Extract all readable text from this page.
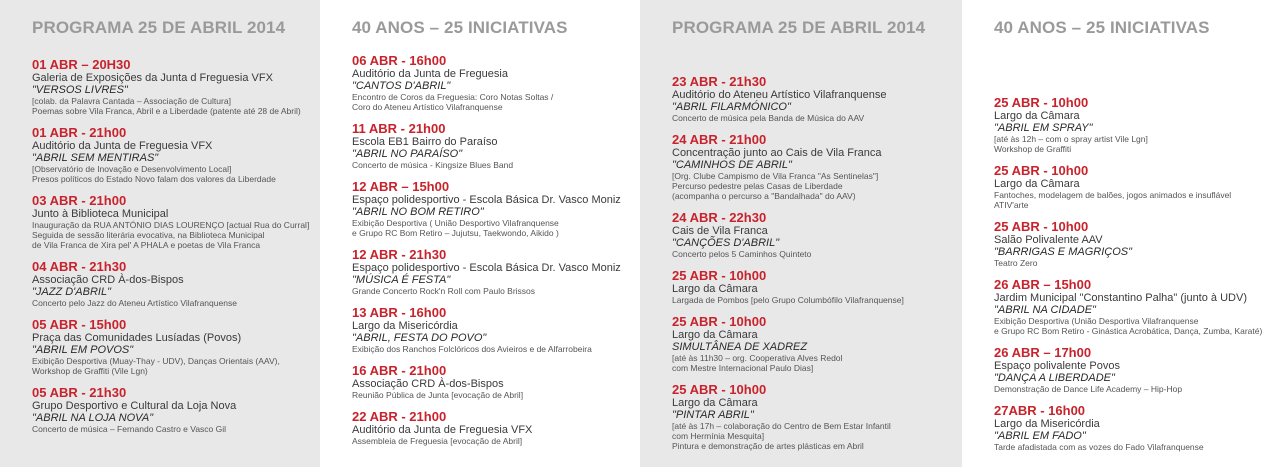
PROGRAMA 25 DE ABRIL 2014
01 ABR – 20H30
Galeria de Exposições da Junta d Freguesia VFX
"VERSOS LIVRES"
[colab. da Palavra Cantada – Associação de Cultura]
Poemas sobre Vila Franca, Abril e a Liberdade (patente até 28 de Abril)
01 ABR - 21h00
Auditório da Junta de Freguesia VFX
"ABRIL SEM MENTIRAS"
[Observatório de Inovação e Desenvolvimento Local]
Presos políticos do Estado Novo falam dos valores da Liberdade
03 ABR - 21h00
Junto à Biblioteca Municipal
Inauguração da RUA ANTÓNIO DIAS LOURENÇO [actual Rua do Curral]
Seguida de sessão literária evocativa, na Biblioteca Municipal
de Vila Franca de Xira pel' A PHALA e poetas de Vila Franca
04 ABR - 21h30
Associação CRD À-dos-Bispos
"JAZZ D'ABRIL"
Concerto pelo Jazz do Ateneu Artístico Vilafranquense
05 ABR - 15h00
Praça das Comunidades Lusíadas (Povos)
"ABRIL EM POVOS"
Exibição Desportiva (Muay-Thay - UDV), Danças Orientais (AAV),
Workshop de Graffiti (Vile Lgn)
05 ABR - 21h30
Grupo Desportivo e Cultural da Loja Nova
"ABRIL NA LOJA NOVA"
Concerto de música – Fernando Castro e Vasco Gil
40 ANOS – 25 INICIATIVAS
06 ABR - 16h00
Auditório da Junta de Freguesia
"CANTOS D'ABRIL"
Encontro de Coros da Freguesia: Coro Notas Soltas /
Coro do Ateneu Artístico Vilafranquense
11 ABR - 21h00
Escola EB1 Bairro do Paraíso
"ABRIL NO PARAÍSO"
Concerto de música - Kingsize Blues Band
12 ABR – 15h00
Espaço polidesportivo - Escola Básica Dr. Vasco Moniz
"ABRIL NO BOM RETIRO"
Exibição Desportiva ( União Desportivo Vilafranquense
e Grupo RC Bom Retiro – Jujutsu, Taekwondo, Aikido )
12 ABR - 21h30
Espaço polidesportivo - Escola Básica Dr. Vasco Moniz
"MÚSICA É FESTA"
Grande Concerto Rock'n Roll com Paulo Brissos
13 ABR - 16h00
Largo da Misericórdia
"ABRIL, FESTA DO POVO"
Exibição dos Ranchos Folclóricos dos Avieiros e de Alfarrobeira
16 ABR - 21h00
Associação CRD À-dos-Bispos
Reunião Pública de Junta [evocação de Abril]
22 ABR - 21h00
Auditório da Junta de Freguesia VFX
Assembleia de Freguesia [evocação de Abril]
PROGRAMA 25 DE ABRIL 2014
23 ABR - 21h30
Auditório do Ateneu Artístico Vilafranquense
"ABRIL FILARMÓNICO"
Concerto de música pela Banda de Música do AAV
24 ABR - 21h00
Concentração junto ao Cais de Vila Franca
"CAMINHOS DE ABRIL"
[Org. Clube Campismo de Vila Franca "As Sentinelas"]
Percurso pedestre pelas Casas de Liberdade
(acompanha o percurso a "Bandalhada" do AAV)
24 ABR - 22h30
Cais de Vila Franca
"CANÇÕES D'ABRIL"
Concerto pelos 5 Caminhos Quinteto
25 ABR - 10h00
Largo da Câmara
Largada de Pombos [pelo Grupo Columbófilo Vilafranquense]
25 ABR - 10h00
Largo da Câmara
SIMULTÂNEA DE XADREZ
[até às 11h30 – org. Cooperativa Alves Redol
com Mestre Internacional Paulo Dias]
25 ABR - 10h00
Largo da Câmara
"PINTAR ABRIL"
[até às 17h – colaboração do Centro de Bem Estar Infantil
com Hermínia Mesquita]
Pintura e demonstração de artes plásticas em Abril
40 ANOS – 25 INICIATIVAS
25 ABR - 10h00
Largo da Câmara
"ABRIL EM SPRAY"
[até às 12h – com o spray artist Vile Lgn]
Workshop de Graffiti
25 ABR - 10h00
Largo da Câmara
Fantoches, modelagem de balões, jogos animados e insuflável
ATIV'arte
25 ABR - 10h00
Salão Polivalente AAV
"BARRIGAS E MAGRIÇOS"
Teatro Zero
26 ABR – 15h00
Jardim Municipal "Constantino Palha" (junto à UDV)
"ABRIL NA CIDADE"
Exibição Desportiva (União Desportiva Vilafranquense
e Grupo RC Bom Retiro - Ginástica Acrobática, Dança, Zumba, Karaté)
26 ABR – 17h00
Espaço polivalente Povos
"DANÇA A LIBERDADE"
Demonstração de Dance Life Academy – Hip-Hop
27ABR - 16h00
Largo da Misericórdia
"ABRIL EM FADO"
Tarde afadistada com as vozes do Fado Vilafranquense
